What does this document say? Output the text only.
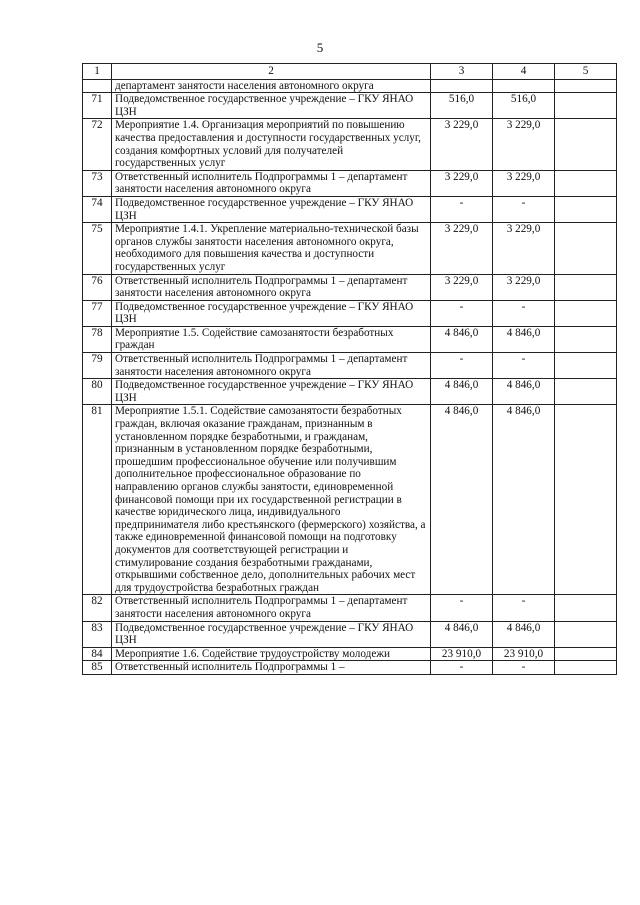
5
1	2	3	4	5
	департамент занятости населения автономного округа			
71	Подведомственное государственное учреждение – ГКУ ЯНАО ЦЗН	516,0	516,0	
72	Мероприятие 1.4. Организация мероприятий по повышению качества предоставления и доступности государственных услуг, создания комфортных условий для получателей государственных услуг	3 229,0	3 229,0	
73	Ответственный исполнитель Подпрограммы 1 – департамент занятости населения автономного округа	3 229,0	3 229,0	
74	Подведомственное государственное учреждение – ГКУ ЯНАО ЦЗН	-	-	
75	Мероприятие 1.4.1. Укрепление материально-технической базы органов службы занятости населения автономного округа, необходимого для повышения качества и доступности государственных услуг	3 229,0	3 229,0	
76	Ответственный исполнитель Подпрограммы 1 – департамент занятости населения автономного округа	3 229,0	3 229,0	
77	Подведомственное государственное учреждение – ГКУ ЯНАО ЦЗН	-	-	
78	Мероприятие 1.5. Содействие самозанятости безработных граждан	4 846,0	4 846,0	
79	Ответственный исполнитель Подпрограммы 1 – департамент занятости населения автономного округа	-	-	
80	Подведомственное государственное учреждение – ГКУ ЯНАО ЦЗН	4 846,0	4 846,0	
81	Мероприятие 1.5.1. Содействие самозанятости безработных граждан, включая оказание гражданам, признанным в установленном порядке безработными, и гражданам, признанным в установленном порядке безработными, прошедшим профессиональное обучение или получившим дополнительное профессиональное образование по направлению органов службы занятости, единовременной финансовой помощи при их государственной регистрации в качестве юридического лица, индивидуального предпринимателя либо крестьянского (фермерского) хозяйства, а также единовременной финансовой помощи на подготовку документов для соответствующей регистрации и стимулирование создания безработными гражданами, открывшими собственное дело, дополнительных рабочих мест для трудоустройства безработных граждан	4 846,0	4 846,0	
82	Ответственный исполнитель Подпрограммы 1 – департамент занятости населения автономного округа	-	-	
83	Подведомственное государственное учреждение – ГКУ ЯНАО ЦЗН	4 846,0	4 846,0	
84	Мероприятие 1.6. Содействие трудоустройству молодежи	23 910,0	23 910,0	
85	Ответственный исполнитель Подпрограммы 1 –	-	-	
